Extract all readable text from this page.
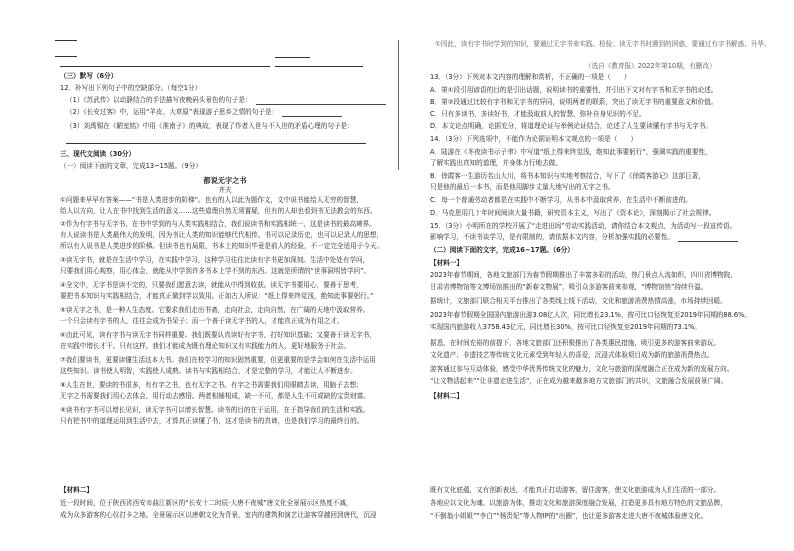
（三）默写（6分）
12．补写出下列句子中的空缺部分。（每空1分）
（1）《苏武传》以动静结合的手法描写夜晚码头景色的句子是：
（2）《长安过客》中，运用“羊皮、大草原”表现游子思乡之情的句子是：
（3）刘禹锡在《陋室铭》中用《淮南子》的典故，表现了作者入世与不入世的矛盾心理的句子是：
三、现代文阅读（30分）
（一）阅读下面的文章，完成13~15题。（9分）
都说无字之书
齐夫
①问题来早早有答案——“书是人类进步的阶梯”。也有的人以此为题作文，文中说书能给人无穷的智慧，
给人以方向，让人在书中找到生活的意义……这些道理自然无须置疑，但有的人却也看到书无法教会的东西。
②作为有字书与无字书，在书中学到的与人类实践相结合，我们说读书和实践相统一，这是读书的最高境界。
有人说读书是人类最伟大的发明，因为书让人类的知识能够代代相传。书可以记录历史，也可以记录人的思想，
所以有人说书是人类进步的阶梯。但读书也有局限，书本上的知识毕竟是前人的经验，不一定完全适用于今天。
③读无字书，就是在生活中学习，在实践中学习，这种学习往往比读有字书更加深刻。生活中处处有学问，
只要我们用心观察，用心体会，就能从中学到许多书本上学不到的东西。这就是所谓的“世事洞明皆学问”。
④全文中，无字书是读不完的，只要我们愿意去读，就能从中得到收获。读无字书要用心，要善于思考，
要把书本知识与实践相结合，才能真正做到学以致用。正如古人所说：“纸上得来终觉浅，绝知此事要躬行。”
⑤读无字之书，是一种人生态度。它要求我们走出书斋，走向社会，走向自然，在广阔的天地中汲取营养。
一个只会读有字书的人，往往会成为书呆子；而一个善于读无字书的人，才能真正成为有用之才。
⑥由此可见，读有字书与读无字书同样重要。我们既要认真读好有字书，打好知识基础；又要善于读无字书，
在实践中增长才干。只有这样，我们才能成为既有理论知识又有实践能力的人，更好地服务于社会。
⑦我们要读书，更要读懂生活这本大书。我们在校学习的知识固然重要，但更重要的是学会如何在生活中运用
这些知识。读书使人明智，实践使人成熟。读书与实践相结合，才是完整的学习，才能让人不断进步。
⑧人生在世，要读的书很多，有有字之书，也有无字之书。有字之书需要我们用眼睛去读，用脑子去想；
无字之书需要我们用心去体会，用行动去感悟。两者相辅相成，缺一不可，都是人生不可或缺的宝贵财富。
⑨读书有字书可以增长见识，读无字书可以增长智慧。读书的目的在于运用，在于指导我们的生活和实践。
只有把书中的道理运用到生活中去，才算真正读懂了书，这才是读书的真谛，也是我们学习的最终目的。
【材料二】
近一段时间，位于陕西省西安市曲江新区的“长安十二时辰·大唐不夜城”唐文化全景展示区热度不减，
成为众多游客的心仪打卡之地。全景展示区以唐朝文化为背景，室内的建筑和演艺让游客穿越回到唐代，沉浸
①因此，读有字书时学到的知识，要通过无字书来实践、检验；读无字书时遇到的困惑，要通过有字书解惑、升华。
（选自《教育报》2022年第10期，有删改）
13．（3分）下列对本文内容的理解和赏析，不正确的一项是（　　）
A．第①段引用谚语的目的是引出话题，说明读书的重要性，并引出下文对有字书和无字书的论述。
B．第②段通过比较有字书和无字书的异同，说明两者的联系，突出了读无字书的重要意义和价值。
C．只有多读书，多读好书，才能汲取前人的智慧，弥补自身见识的不足。
D．本文论点明确，论据充分，将道理论证与举例论证结合，论述了人生要读懂有字书与无字书。
14．（3分）下列选项中，不能作为论据证明本文观点的一项是（　　）
A．陆游在《冬夜读书示子聿》中写道“纸上得来终觉浅，绝知此事要躬行”，强调实践的重要性，
了解实践出真知的道理，并身体力行地去做。
B．徐霞客一生游历名山大川，将书本知识与实地考察结合，写下了《徐霞客游记》这部巨著，
只是他的最后一本书，而是他用脚步丈量大地写出的无字之书。
C．每一个普通劳动者都是在实践中不断学习，从书本中汲取营养，在生活中不断前进的。
D．马克思用几十年时间阅读大量书籍，研究资本主义，写出了《资本论》，深刻揭示了社会规律。
15．（3分）小明所在的学校开展了“走进田间”劳动实践活动，请你结合本文观点，为活动写一段宣传语。
影响学习，不读书谈学习，是有限制的，请依据本文内容，分析加强实践的必要性。
（二）阅读下面的文字，完成16~17题。（6分）
【材料一】
2023年春节期间，各地文旅部门为春节假期推出了丰富多彩的活动，热门景点人流如织，四川省博物院、
甘肃省博物馆等文博场馆推出的“新春文物展”，吸引众多游客前来参观，“博物馆热”持续升温。
据统计，文旅部门联合相关平台推出了各类线上线下活动，文化和旅游消费热情高涨，市场持续回暖。
2023年春节假期全国国内旅游出游3.08亿人次，同比增长23.1%，按可比口径恢复至2019年同期的88.6%。
实现国内旅游收入3758.43亿元，同比增长30%，按可比口径恢复至2019年同期的73.1%。
据悉，在时间充裕的前提下，各地文旅部门还积极推出了各类惠民措施，吸引更多的游客前来游玩。
文化遗产、非遗技艺等传统文化元素受到年轻人的喜爱，沉浸式体验项目成为新的旅游消费热点。
游客通过参与互动体验，感受中华优秀传统文化的魅力，文化与旅游的深度融合正在成为新的发展方向。
“让文物活起来”“让非遗走进生活”，正在成为越来越多地方文旅部门的共识，文旅融合发展前景广阔。
【材料二】
既有文化底蕴，又有创新表达，才能真正打动游客，留住游客，使文化旅游成为人们生活的一部分。
各地应以文化为魂、以旅游为体，推动文化和旅游深度融合发展，打造更多具有地方特色的文旅品牌，
“不倒翁小姐姐”“李白”“杨贵妃”等人物IP的“出圈”，也让更多游客走进大唐不夜城体验唐文化。
